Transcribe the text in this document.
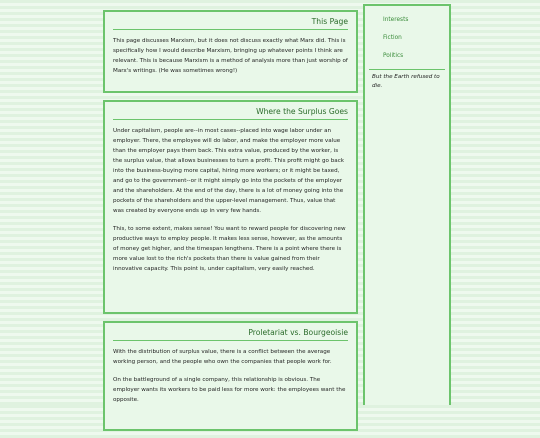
This Page

This page discusses Marxism, but it does not discuss exactly what Marx did. This is specifically how I would describe Marxism, bringing up whatever points I think are relevant. This is because Marxism is a method of analysis more than just worship of Marx's writings. (He was sometimes wrong!)

Where the Surplus Goes

Under capitalism, people are--in most cases--placed into wage labor under an employer. There, the employee will do labor, and make the employer more value than the employer pays them back. This extra value, produced by the worker, is the surplus value, that allows businesses to turn a profit. This profit might go back into the business-buying more capital, hiring more workers; or it might be taxed, and go to the government--or it might simply go into the pockets of the employer and the shareholders. At the end of the day, there is a lot of money going into the pockets of the shareholders and the upper-level management. Thus, value that was created by everyone ends up in very few hands.

This, to some extent, makes sense! You want to reward people for discovering new productive ways to employ people. It makes less sense, however, as the amounts of money get higher, and the timespan lengthens. There is a point where there is more value lost to the rich's pockets than there is value gained from their innovative capacity. This point is, under capitalism, very easily reached.

Proletariat vs. Bourgeoisie

With the distribution of surplus value, there is a conflict between the average working person, and the people who own the companies that people work for.

On the battleground of a single company, this relationship is obvious. The employer wants its workers to be paid less for more work: the employees want the opposite.

Interests
Fiction
Politics
But the Earth refused to die.
